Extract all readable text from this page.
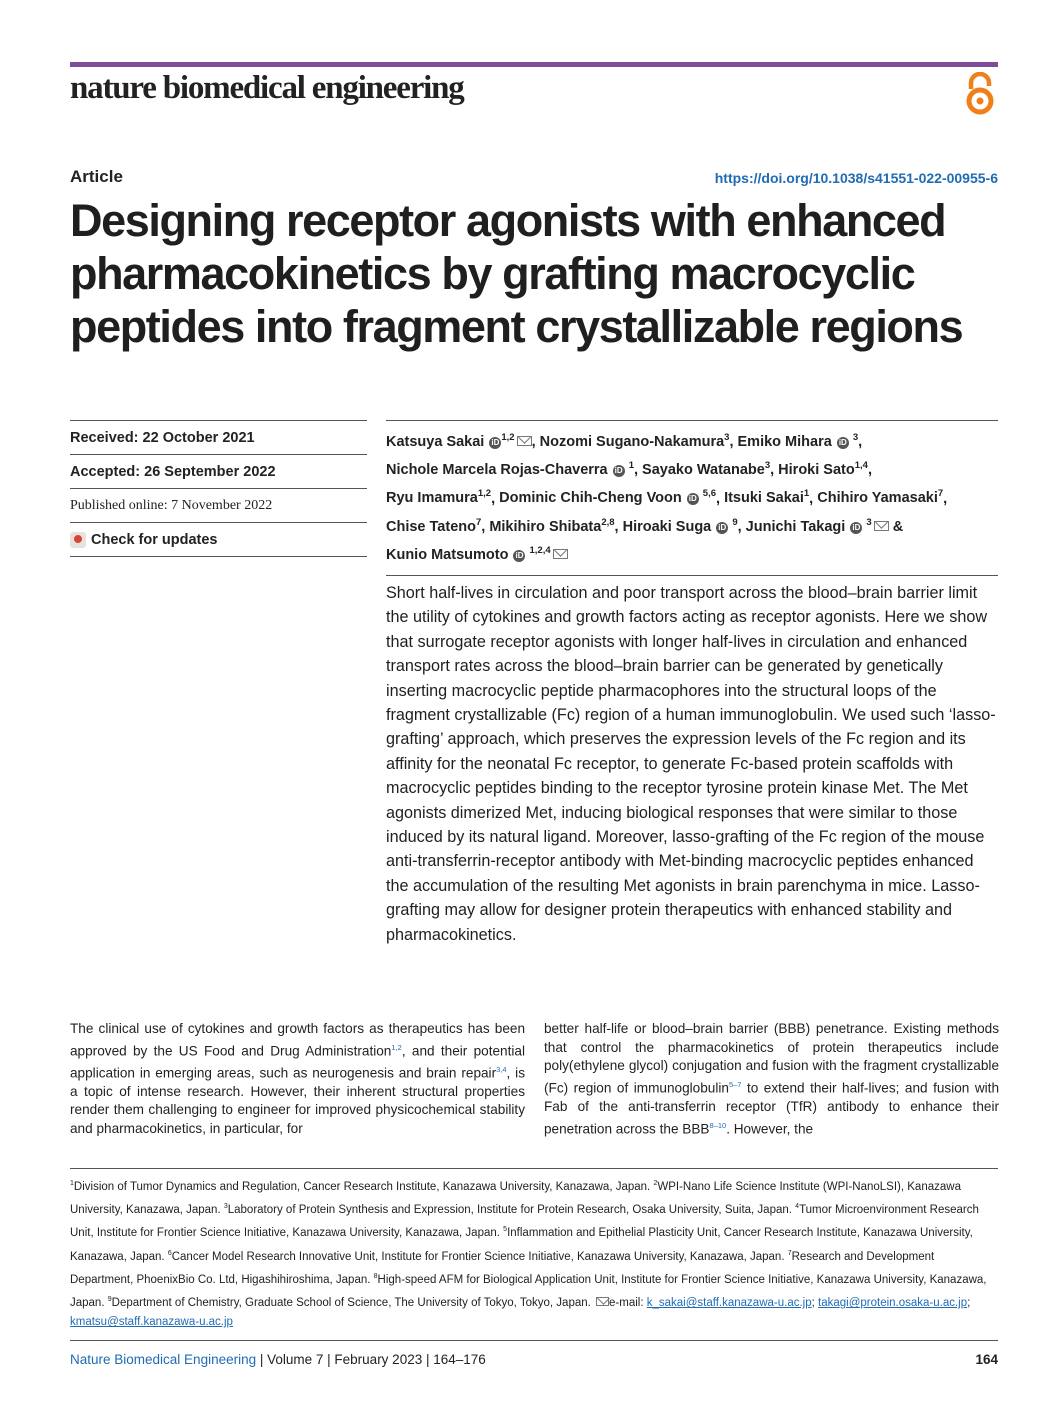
nature biomedical engineering
Article	https://doi.org/10.1038/s41551-022-00955-6
Designing receptor agonists with enhanced pharmacokinetics by grafting macrocyclic peptides into fragment crystallizable regions
Received: 22 October 2021
Accepted: 26 September 2022
Published online: 7 November 2022
Check for updates
Katsuya Sakai iD $^{1,2}$ , Nozomi Sugano-Nakamura$^3$, Emiko Mihara iD $^3$,
Nichole Marcela Rojas-Chaverra iD $^1$, Sayako Watanabe$^3$, Hiroki Sato$^{1,4}$,
Ryu Imamura$^{1,2}$, Dominic Chih-Cheng Voon iD $^{5,6}$, Itsuki Sakai$^1$, Chihiro Yamasaki$^7$,
Chise Tateno$^7$, Mikihiro Shibata$^{2,8}$, Hiroaki Suga iD $^9$, Junichi Takagi iD $^3$ &
Kunio Matsumoto iD $^{1,2,4}$

Short half-lives in circulation and poor transport across the blood–brain barrier limit the utility of cytokines and growth factors acting as receptor agonists. Here we show that surrogate receptor agonists with longer half-lives in circulation and enhanced transport rates across the blood–brain barrier can be generated by genetically inserting macrocyclic peptide pharmacophores into the structural loops of the fragment crystallizable (Fc) region of a human immunoglobulin. We used such ‘lasso-grafting’ approach, which preserves the expression levels of the Fc region and its affinity for the neonatal Fc receptor, to generate Fc-based protein scaffolds with macrocyclic peptides binding to the receptor tyrosine protein kinase Met. The Met agonists dimerized Met, inducing biological responses that were similar to those induced by its natural ligand. Moreover, lasso-grafting of the Fc region of the mouse anti-transferrin-receptor antibody with Met-binding macrocyclic peptides enhanced the accumulation of the resulting Met agonists in brain parenchyma in mice. Lasso-grafting may allow for designer protein therapeutics with enhanced stability and pharmacokinetics.

The clinical use of cytokines and growth factors as therapeutics has been approved by the US Food and Drug Administration$^{1,2}$, and their potential application in emerging areas, such as neurogenesis and brain repair$^{3,4}$, is a topic of intense research. However, their inherent structural properties render them challenging to engineer for improved physicochemical stability and pharmacokinetics, in particular, for

better half-life or blood–brain barrier (BBB) penetrance. Existing methods that control the pharmacokinetics of protein therapeutics include poly(ethylene glycol) conjugation and fusion with the fragment crystallizable (Fc) region of immunoglobulin$^{5-7}$ to extend their half-lives; and fusion with Fab of the anti-transferrin receptor (TfR) antibody to enhance their penetration across the BBB$^{8-10}$. However, the

$^1$Division of Tumor Dynamics and Regulation, Cancer Research Institute, Kanazawa University, Kanazawa, Japan. $^2$WPI-Nano Life Science Institute (WPI-NanoLSI), Kanazawa University, Kanazawa, Japan. $^3$Laboratory of Protein Synthesis and Expression, Institute for Protein Research, Osaka University, Suita, Japan. $^4$Tumor Microenvironment Research Unit, Institute for Frontier Science Initiative, Kanazawa University, Kanazawa, Japan. $^5$Inflammation and Epithelial Plasticity Unit, Cancer Research Institute, Kanazawa University, Kanazawa, Japan. $^6$Cancer Model Research Innovative Unit, Institute for Frontier Science Initiative, Kanazawa University, Kanazawa, Japan. $^7$Research and Development Department, PhoenixBio Co. Ltd, Higashihiroshima, Japan. $^8$High-speed AFM for Biological Application Unit, Institute for Frontier Science Initiative, Kanazawa University, Kanazawa, Japan. $^9$Department of Chemistry, Graduate School of Science, The University of Tokyo, Tokyo, Japan. e-mail: k_sakai@staff.kanazawa-u.ac.jp; takagi@protein.osaka-u.ac.jp; kmatsu@staff.kanazawa-u.ac.jp

Nature Biomedical Engineering | Volume 7 | February 2023 | 164–176	164
